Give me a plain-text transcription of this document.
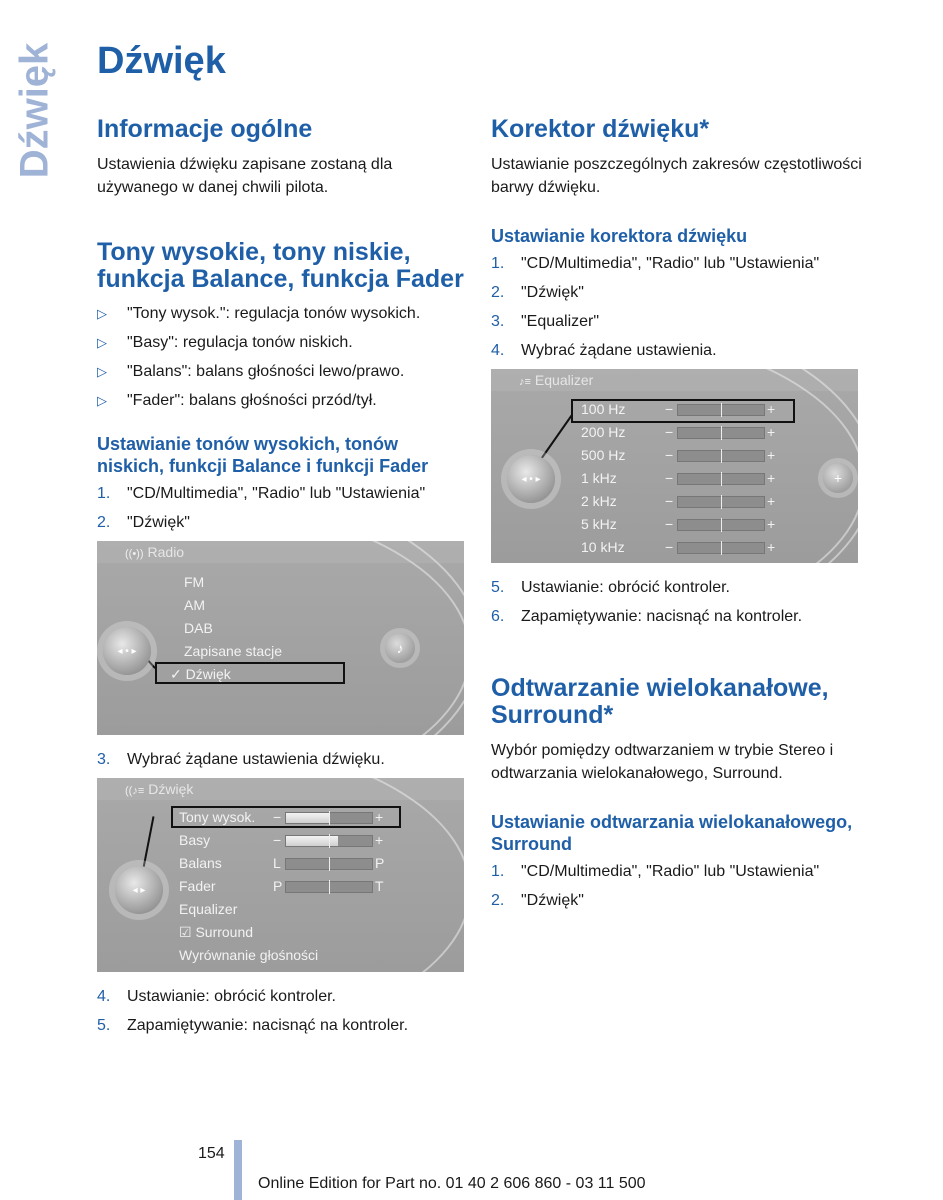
Dźwięk Dźwięk
Informacje ogólne

Ustawienia dźwięku zapisane zostaną dla używanego w danej chwili pilota.

Tony wysokie, tony niskie, funkcja Balance, funkcja Fader
▷	"Tony wysok.": regulacja tonów wysokich.
▷	"Basy": regulacja tonów niskich.
▷	"Balans": balans głośności lewo/prawo.
▷	"Fader": balans głośności przód/tył.
Ustawianie tonów wysokich, tonów niskich, funkcji Balance i funkcji Fader
1.	"CD/Multimedia", "Radio" lub "Ustawienia"
2.	"Dźwięk"
((•)) Radio
FM
AM
DAB
Zapisane stacje
✓ Dźwięk
◂ • ▸	♪
3.	Wybrać żądane ustawienia dźwięku.
((♪≡ Dźwięk
Tony wysok. −	+
Basy	−	+
Balans	L	P
Fader	P	T
Equalizer
☑ Surround
Wyrównanie głośności
◂ ▸
4.	Ustawianie: obrócić kontroler.
5.	Zapamiętywanie: nacisnąć na kontroler.
Korektor dźwięku*

Ustawianie poszczególnych zakresów częstotliwości barwy dźwięku.

Ustawianie korektora dźwięku
1.	"CD/Multimedia", "Radio" lub "Ustawienia"
2.	"Dźwięk"
3.	"Equalizer"
4.	Wybrać żądane ustawienia.
♪≡ Equalizer
100 Hz	−	+
200 Hz	−	+
500 Hz	−	+
1 kHz	−	+
2 kHz	−	+
5 kHz	−	+
10 kHz	−	+
◂ • ▸	+
5.	Ustawianie: obrócić kontroler.
6.	Zapamiętywanie: nacisnąć na kontroler.
Odtwarzanie wielokanałowe, Surround*

Wybór pomiędzy odtwarzaniem w trybie Stereo i odtwarzania wielokanałowego, Surround.

Ustawianie odtwarzania wielokanałowego, Surround
1.	"CD/Multimedia", "Radio" lub "Ustawienia"
2.	"Dźwięk"
154
Online Edition for Part no. 01 40 2 606 860 - 03 11 500
